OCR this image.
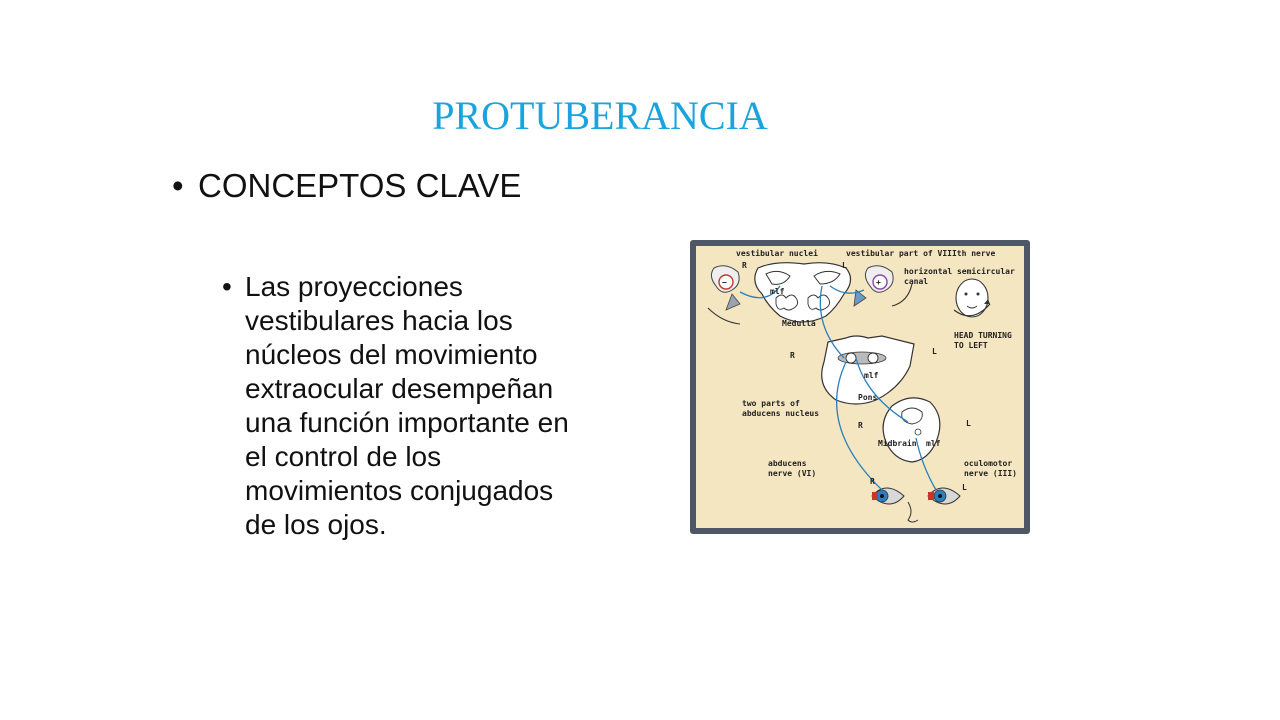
PROTUBERANCIA
• CONCEPTOS CLAVE
• Las proyecciones vestibulares hacia los núcleos del movimiento extraocular desempeñan una función importante en el control de los movimientos conjugados de los ojos.
−	+
vestibular nuclei	vestibular part of VIIIth nerve
horizontal semicircular
canal
HEAD TURNING
TO LEFT
R	L
mlf
Medulla
R	L
mlf
Pons
two parts of
abducens nucleus
R	L
Midbrain mlf
abducens
nerve (VI)
oculomotor
nerve (III)
R
L
